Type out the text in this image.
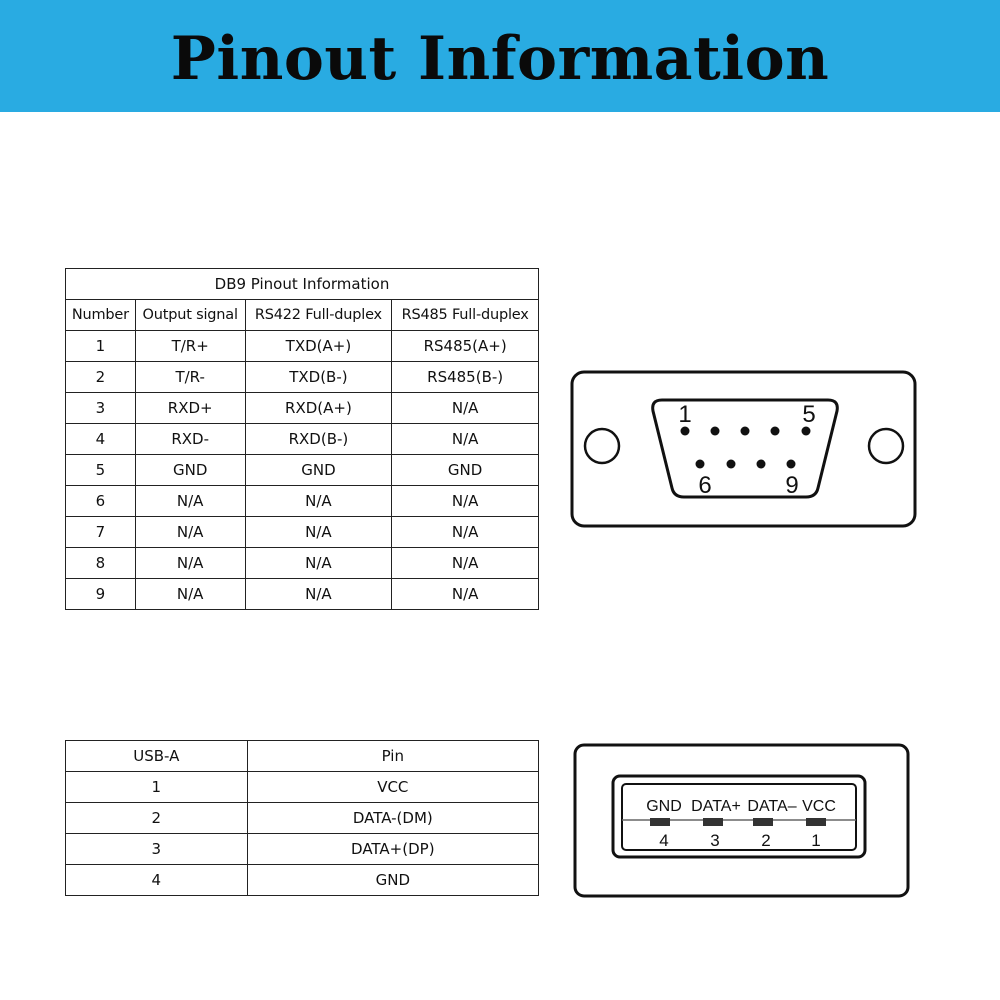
Pinout Information
DB9 Pinout Information			
Number	Output signal	RS422 Full-duplex	RS485 Full-duplex
1	T/R+	TXD(A+)	RS485(A+)
2	T/R-	TXD(B-)	RS485(B-)
3	RXD+	RXD(A+)	N/A
4	RXD-	RXD(B-)	N/A
5	GND	GND	GND
6	N/A	N/A	N/A
7	N/A	N/A	N/A
8	N/A	N/A	N/A
9	N/A	N/A	N/A
1	5
6	9
USB-A	Pin
1	VCC
2	DATA-(DM)
3	DATA+(DP)
4	GND
GND DATA+ DATA– VCC
4 3 2 1
